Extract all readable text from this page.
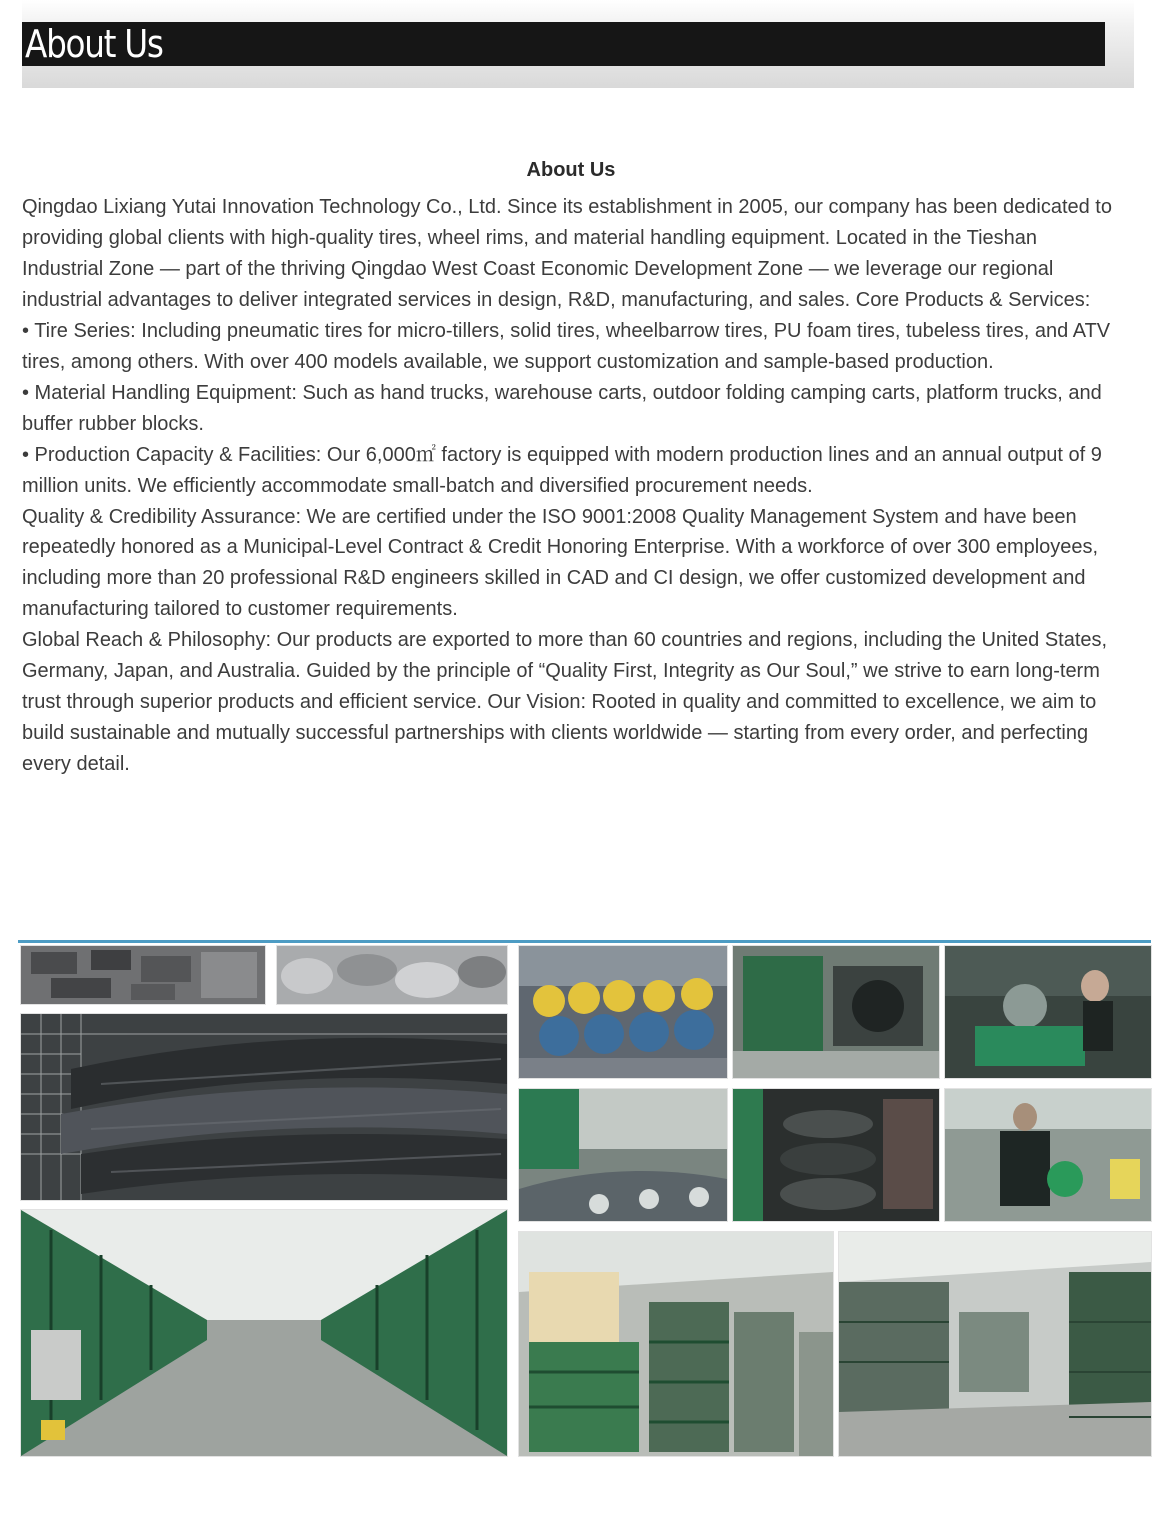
About Us
About Us

Qingdao Lixiang Yutai Innovation Technology Co., Ltd. Since its establishment in 2005, our company has been dedicated to providing global clients with high-quality tires, wheel rims, and material handling equipment. Located in the Tieshan Industrial Zone — part of the thriving Qingdao West Coast Economic Development Zone — we leverage our regional industrial advantages to deliver integrated services in design, R&D, manufacturing, and sales. Core Products & Services:

• Tire Series: Including pneumatic tires for micro-tillers, solid tires, wheelbarrow tires, PU foam tires, tubeless tires, and ATV tires, among others. With over 400 models available, we support customization and sample-based production.

• Material Handling Equipment: Such as hand trucks, warehouse carts, outdoor folding camping carts, platform trucks, and buffer rubber blocks.

• Production Capacity & Facilities: Our 6,000㎡ factory is equipped with modern production lines and an annual output of 9 million units. We efficiently accommodate small-batch and diversified procurement needs.

Quality & Credibility Assurance: We are certified under the ISO 9001:2008 Quality Management System and have been repeatedly honored as a Municipal-Level Contract & Credit Honoring Enterprise. With a workforce of over 300 employees, including more than 20 professional R&D engineers skilled in CAD and CI design, we offer customized development and manufacturing tailored to customer requirements.

Global Reach & Philosophy: Our products are exported to more than 60 countries and regions, including the United States, Germany, Japan, and Australia. Guided by the principle of “Quality First, Integrity as Our Soul,” we strive to earn long-term trust through superior products and efficient service. Our Vision: Rooted in quality and committed to excellence, we aim to build sustainable and mutually successful partnerships with clients worldwide — starting from every order, and perfecting every detail.
